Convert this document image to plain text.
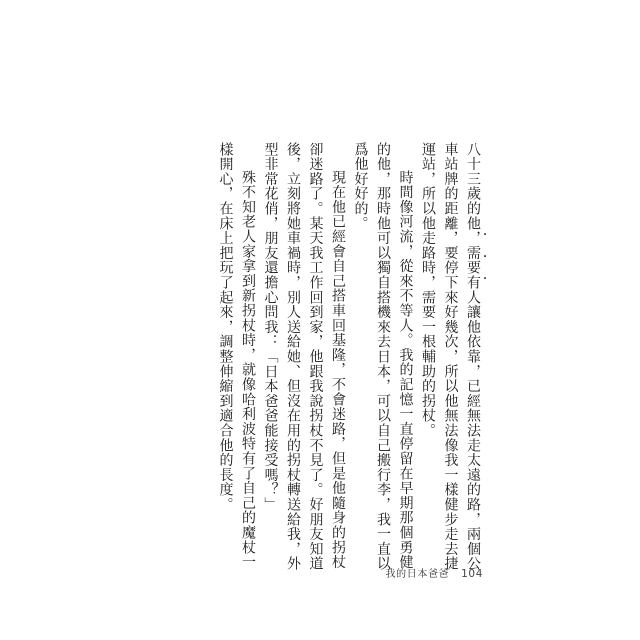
・
・
・

八十三歲的他，需要有人讓他依靠，已經無法走太遠的路，兩個公車站牌的距離，要停下來好幾次，所以他無法像我一樣健步走去捷運站，所以他走路時，需要一根輔助的拐杖。

時間像河流，從來不等人。我的記憶一直停留在早期那個勇健的他，那時他可以獨自搭機來去日本，可以自己搬行李，我一直以爲他好好的。

現在他已經會自己搭車回基隆，不會迷路，但是他隨身的拐杖卻迷路了。某天我工作回到家，他跟我說拐杖不見了。好朋友知道後，立刻將她車禍時，別人送給她、但沒在用的拐杖轉送給我，外型非常花俏，朋友還擔心問我：「日本爸爸能接受嗎？」

殊不知老人家拿到新拐杖時，就像哈利波特有了自己的魔杖一樣開心，在床上把玩了起來，調整伸縮到適合他的長度。

我的日本爸爸 104
